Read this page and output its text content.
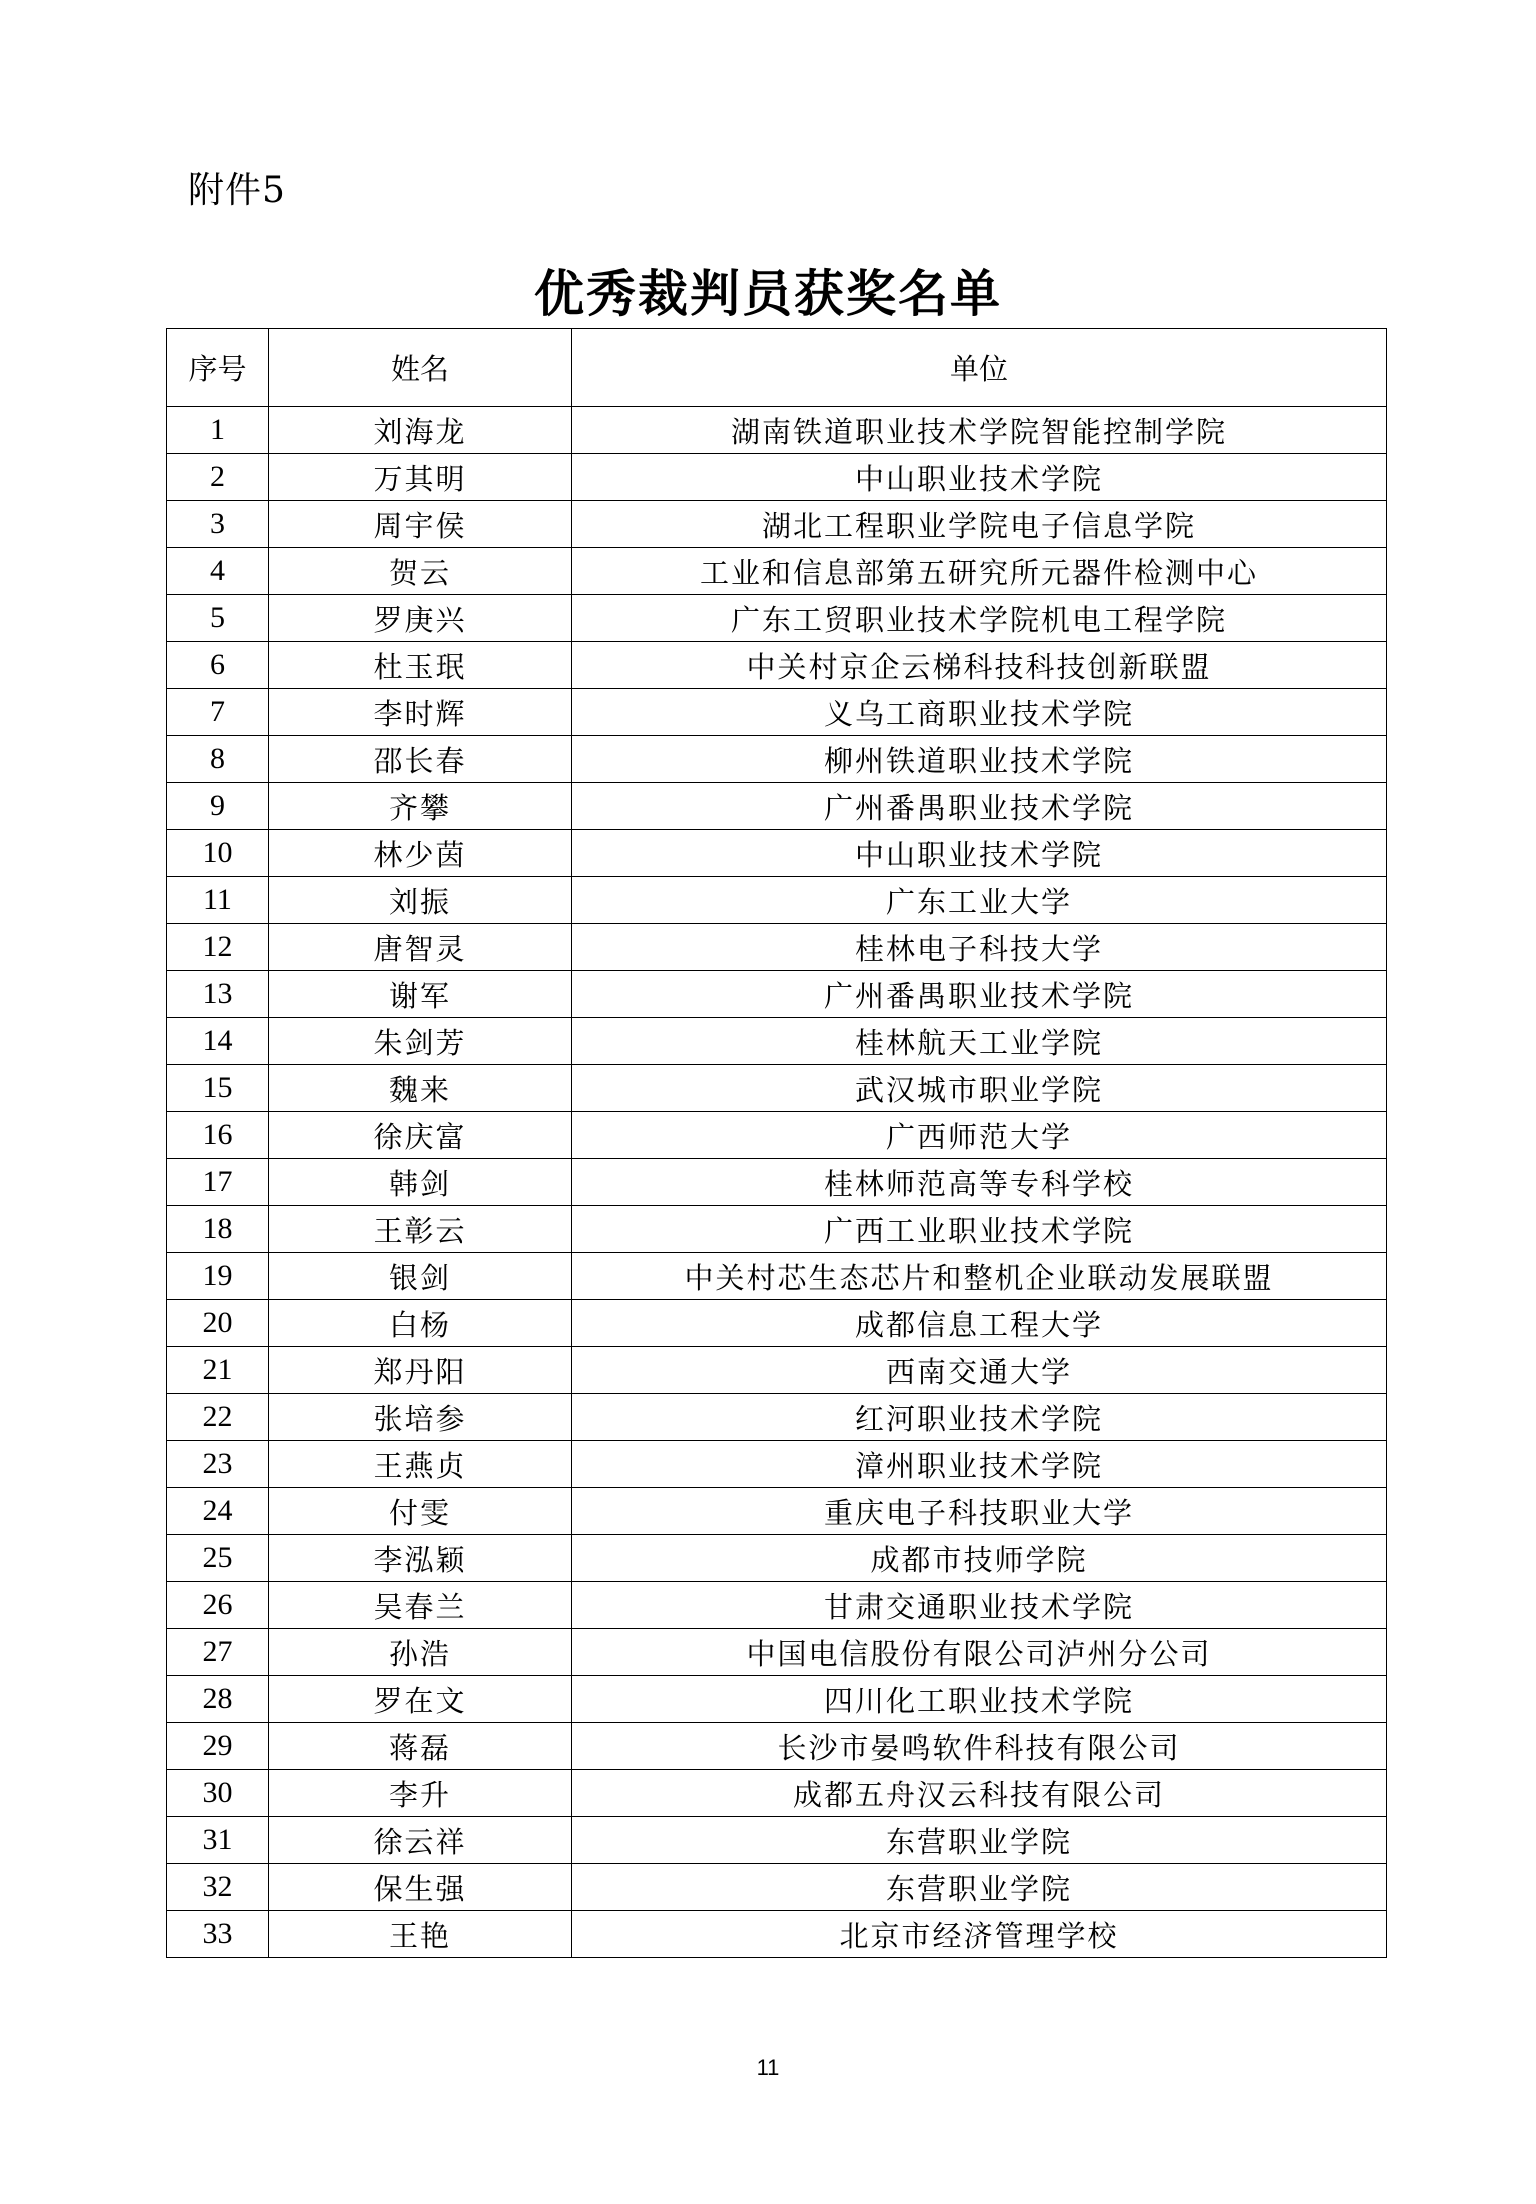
附件5
优秀裁判员获奖名单
序号	姓名	单位
1	刘海龙	湖南铁道职业技术学院智能控制学院
2	万其明	中山职业技术学院
3	周宇侯	湖北工程职业学院电子信息学院
4	贺云	工业和信息部第五研究所元器件检测中心
5	罗庚兴	广东工贸职业技术学院机电工程学院
6	杜玉珉	中关村京企云梯科技科技创新联盟
7	李时辉	义乌工商职业技术学院
8	邵长春	柳州铁道职业技术学院
9	齐攀	广州番禺职业技术学院
10	林少茵	中山职业技术学院
11	刘振	广东工业大学
12	唐智灵	桂林电子科技大学
13	谢军	广州番禺职业技术学院
14	朱剑芳	桂林航天工业学院
15	魏来	武汉城市职业学院
16	徐庆富	广西师范大学
17	韩剑	桂林师范高等专科学校
18	王彰云	广西工业职业技术学院
19	银剑	中关村芯生态芯片和整机企业联动发展联盟
20	白杨	成都信息工程大学
21	郑丹阳	西南交通大学
22	张培参	红河职业技术学院
23	王燕贞	漳州职业技术学院
24	付雯	重庆电子科技职业大学
25	李泓颖	成都市技师学院
26	吴春兰	甘肃交通职业技术学院
27	孙浩	中国电信股份有限公司泸州分公司
28	罗在文	四川化工职业技术学院
29	蒋磊	长沙市晏鸣软件科技有限公司
30	李升	成都五舟汉云科技有限公司
31	徐云祥	东营职业学院
32	保生强	东营职业学院
33	王艳	北京市经济管理学校
11
